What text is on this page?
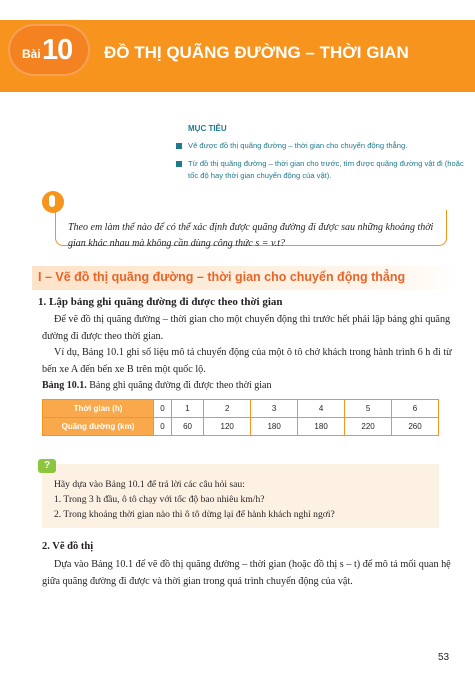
Bài 10 ĐỒ THỊ QUÃNG ĐƯỜNG – THỜI GIAN
MỤC TIÊU
Vẽ được đồ thị quãng đường – thời gian cho chuyển động thẳng.
Từ đồ thị quãng đường – thời gian cho trước, tìm được quãng đường vật đi (hoặc tốc độ hay thời gian chuyển động của vật).
Theo em làm thế nào để có thể xác định được quãng đường đi được sau những khoảng thời gian khác nhau mà không cần dùng công thức s = v.t?
I – Vẽ đồ thị quãng đường – thời gian cho chuyển động thẳng
1. Lập bảng ghi quãng đường đi được theo thời gian

Để vẽ đồ thị quãng đường – thời gian cho một chuyển động thì trước hết phải lập bảng ghi quãng đường đi được theo thời gian.

Ví dụ, Bảng 10.1 ghi số liệu mô tả chuyển động của một ô tô chở khách trong hành trình 6 h đi từ bến xe A đến bến xe B trên một quốc lộ.

Bảng 10.1. Bảng ghi quãng đường đi được theo thời gian
Thời gian (h)	0	1	2	3	4	5	6
Quãng đường (km)	0	60	120	180	180	220	260
?

Hãy dựa vào Bảng 10.1 để trả lời các câu hỏi sau:

1. Trong 3 h đầu, ô tô chạy với tốc độ bao nhiêu km/h?
2. Trong khoảng thời gian nào thì ô tô dừng lại để hành khách nghỉ ngơi?
2. Vẽ đồ thị

Dựa vào Bảng 10.1 để vẽ đồ thị quãng đường – thời gian (hoặc đồ thị s – t) để mô tả mối quan hệ giữa quãng đường đi được và thời gian trong quá trình chuyển động của vật.

53
